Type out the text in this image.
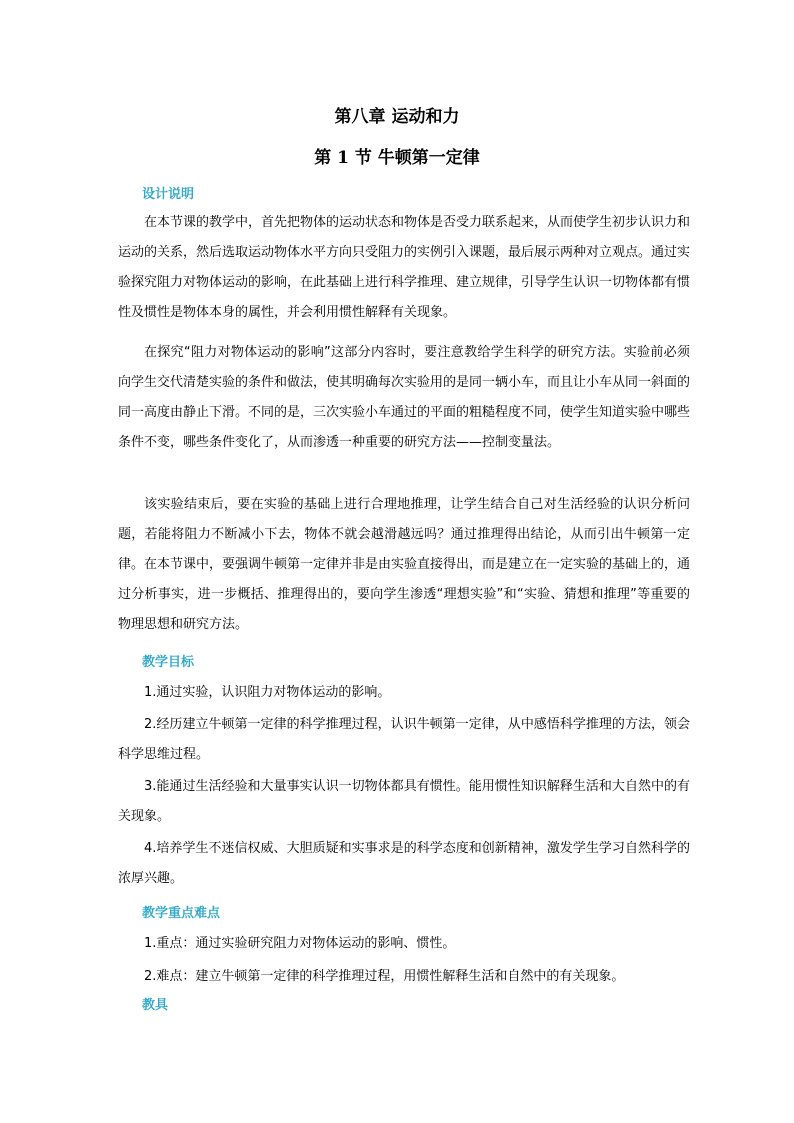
第八章 运动和力
第 1 节 牛顿第一定律
设计说明
在本节课的教学中，首先把物体的运动状态和物体是否受力联系起来，从而使学生初步认识力和运动的关系，然后选取运动物体水平方向只受阻力的实例引入课题，最后展示两种对立观点。通过实验探究阻力对物体运动的影响，在此基础上进行科学推理、建立规律，引导学生认识一切物体都有惯性及惯性是物体本身的属性，并会利用惯性解释有关现象。
在探究“阻力对物体运动的影响”这部分内容时，要注意教给学生科学的研究方法。实验前必须向学生交代清楚实验的条件和做法，使其明确每次实验用的是同一辆小车，而且让小车从同一斜面的同一高度由静止下滑。不同的是，三次实验小车通过的平面的粗糙程度不同，使学生知道实验中哪些条件不变，哪些条件变化了，从而渗透一种重要的研究方法——控制变量法。
该实验结束后，要在实验的基础上进行合理地推理，让学生结合自己对生活经验的认识分析问题，若能将阻力不断减小下去，物体不就会越滑越远吗？通过推理得出结论，从而引出牛顿第一定律。在本节课中，要强调牛顿第一定律并非是由实验直接得出，而是建立在一定实验的基础上的，通过分析事实，进一步概括、推理得出的，要向学生渗透“理想实验”和“实验、猜想和推理”等重要的物理思想和研究方法。
教学目标
1.通过实验，认识阻力对物体运动的影响。
2.经历建立牛顿第一定律的科学推理过程，认识牛顿第一定律，从中感悟科学推理的方法，领会科学思维过程。
3.能通过生活经验和大量事实认识一切物体都具有惯性。能用惯性知识解释生活和大自然中的有关现象。
4.培养学生不迷信权威、大胆质疑和实事求是的科学态度和创新精神，激发学生学习自然科学的浓厚兴趣。
教学重点难点
1.重点：通过实验研究阻力对物体运动的影响、惯性。
2.难点：建立牛顿第一定律的科学推理过程，用惯性解释生活和自然中的有关现象。
教具
